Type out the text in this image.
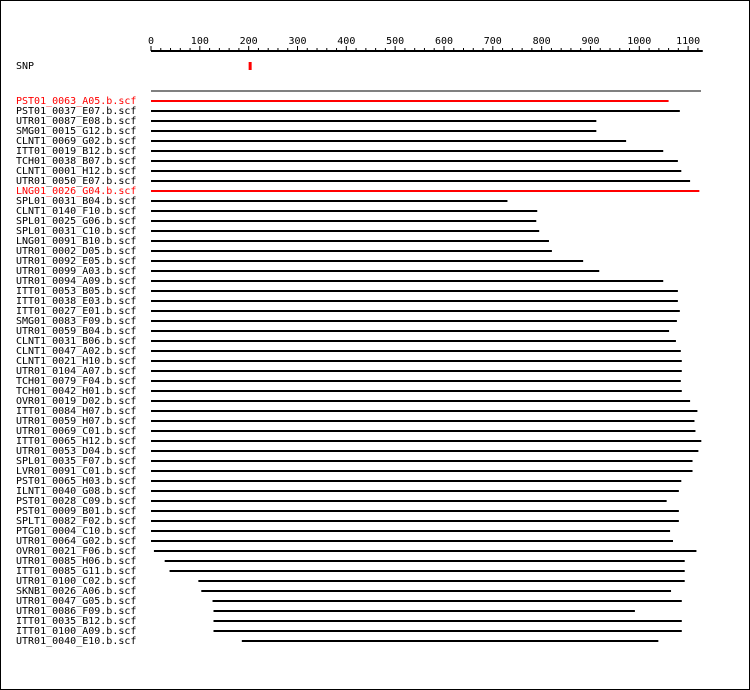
0	100	200	300	400	500	600	700	800	900	1000 1100
SNP
PST01_0063_A05.b.scf
PST01_0037_E07.b.scf
UTR01_0087_E08.b.scf
SMG01_0015_G12.b.scf
CLNT1_0069_G02.b.scf
ITT01_0019_B12.b.scf
TCH01_0038_B07.b.scf
CLNT1_0001_H12.b.scf
UTR01_0050_E07.b.scf
LNG01_0026_G04.b.scf
SPL01_0031_B04.b.scf
CLNT1_0140_F10.b.scf
SPL01_0025_G06.b.scf
SPL01_0031_C10.b.scf
LNG01_0091_B10.b.scf
UTR01_0002_D05.b.scf
UTR01_0092_E05.b.scf
UTR01_0099_A03.b.scf
UTR01_0094_A09.b.scf
ITT01_0053_B05.b.scf
ITT01_0038_E03.b.scf
ITT01_0027_E01.b.scf
SMG01_0083_F09.b.scf
UTR01_0059_B04.b.scf
CLNT1_0031_B06.b.scf
CLNT1_0047_A02.b.scf
CLNT1_0021_H10.b.scf
UTR01_0104_A07.b.scf
TCH01_0079_F04.b.scf
TCH01_0042_H01.b.scf
OVR01_0019_D02.b.scf
ITT01_0084_H07.b.scf
UTR01_0059_H07.b.scf
UTR01_0069_C01.b.scf
ITT01_0065_H12.b.scf
UTR01_0053_D04.b.scf
SPL01_0035_F07.b.scf
LVR01_0091_C01.b.scf
PST01_0065_H03.b.scf
ILNT1_0040_G08.b.scf
PST01_0028_C09.b.scf
PST01_0009_B01.b.scf
SPLT1_0082_F02.b.scf
PTG01_0004_C10.b.scf
UTR01_0064_G02.b.scf
OVR01_0021_F06.b.scf
UTR01_0085_H06.b.scf
ITT01_0085_G11.b.scf
UTR01_0100_C02.b.scf
SKNB1_0026_A06.b.scf
UTR01_0047_G05.b.scf
UTR01_0086_F09.b.scf
ITT01_0035_B12.b.scf
ITT01_0100_A09.b.scf
UTR01_0040_E10.b.scf
